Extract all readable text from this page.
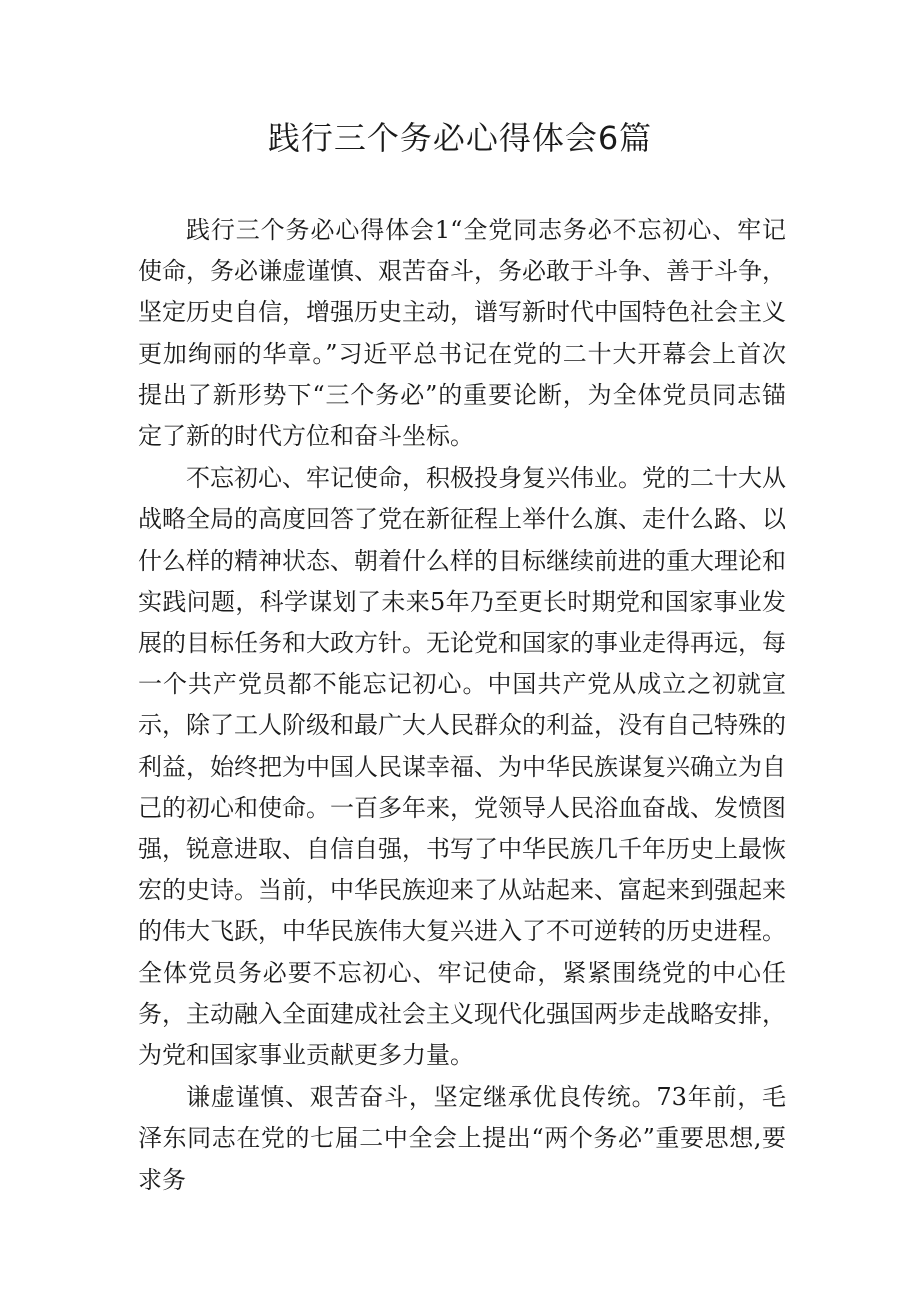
践行三个务必心得体会6篇

践行三个务必心得体会1“全党同志务必不忘初心、牢记使命，务必谦虚谨慎、艰苦奋斗，务必敢于斗争、善于斗争，坚定历史自信，增强历史主动，谱写新时代中国特色社会主义更加绚丽的华章。”习近平总书记在党的二十大开幕会上首次提出了新形势下“三个务必”的重要论断，为全体党员同志锚定了新的时代方位和奋斗坐标。

不忘初心、牢记使命，积极投身复兴伟业。党的二十大从战略全局的高度回答了党在新征程上举什么旗、走什么路、以什么样的精神状态、朝着什么样的目标继续前进的重大理论和实践问题，科学谋划了未来5年乃至更长时期党和国家事业发展的目标任务和大政方针。无论党和国家的事业走得再远，每一个共产党员都不能忘记初心。中国共产党从成立之初就宣示，除了工人阶级和最广大人民群众的利益，没有自己特殊的利益，始终把为中国人民谋幸福、为中华民族谋复兴确立为自己的初心和使命。一百多年来，党领导人民浴血奋战、发愤图强，锐意进取、自信自强，书写了中华民族几千年历史上最恢宏的史诗。当前，中华民族迎来了从站起来、富起来到强起来的伟大飞跃，中华民族伟大复兴进入了不可逆转的历史进程。全体党员务必要不忘初心、牢记使命，紧紧围绕党的中心任务，主动融入全面建成社会主义现代化强国两步走战略安排，为党和国家事业贡献更多力量。

谦虚谨慎、艰苦奋斗，坚定继承优良传统。73年前，毛泽东同志在党的七届二中全会上提出“两个务必”重要思想,要求务
